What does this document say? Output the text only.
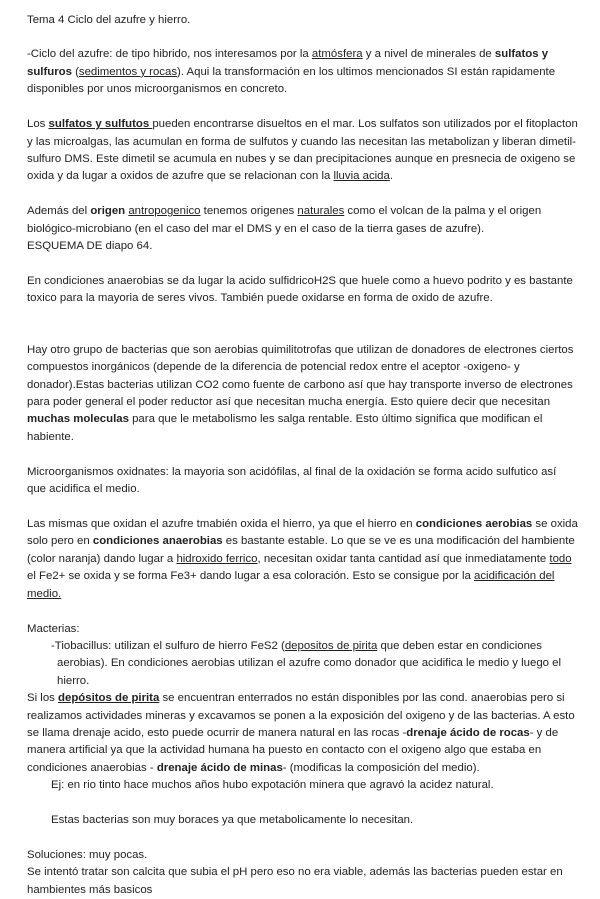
Tema 4 Ciclo del azufre y hierro.

-Ciclo del azufre: de tipo hibrido, nos interesamos por la atmósfera y a nivel de minerales de sulfatos y sulfuros (sedimentos y rocas). Aqui la transformación en los ultimos mencionados SI están rapidamente disponibles por unos microorganismos en concreto.

Los sulfatos y sulfutos pueden encontrarse disueltos en el mar. Los sulfatos son utilizados por el fitoplacton y las microalgas, las acumulan en forma de sulfutos y cuando las necesitan las metabolizan y liberan dimetil-sulfuro DMS. Este dimetil se acumula en nubes y se dan precipitaciones aunque en presnecia de oxigeno se oxida y da lugar a oxidos de azufre que se relacionan con la lluvia acida.

Además del origen antropogenico tenemos origenes naturales como el volcan de la palma y el origen biológico-microbiano (en el caso del mar el DMS y en el caso de la tierra gases de azufre).
ESQUEMA DE diapo 64.

En condiciones anaerobias se da lugar la acido sulfidricoH2S que huele como a huevo podrito y es bastante toxico para la mayoria de seres vivos. También puede oxidarse en forma de oxido de azufre.

Hay otro grupo de bacterias que son aerobias quimilitotrofas que utilizan de donadores de electrones ciertos compuestos inorgánicos (depende de la diferencia de potencial redox entre el aceptor -oxigeno- y donador).Estas bacterias utilizan CO2 como fuente de carbono así que hay transporte inverso de electrones para poder general el poder reductor así que necesitan mucha energía. Esto quiere decir que necesitan muchas moleculas para que le metabolismo les salga rentable. Esto último significa que modifican el habiente.

Microorganismos oxidnates: la mayoria son acidófilas, al final de la oxidación se forma acido sulfutico así que acidifica el medio.

Las mismas que oxidan el azufre tmabién oxida el hierro, ya que el hierro en condiciones aerobias se oxida solo pero en condiciones anaerobias es bastante estable. Lo que se ve es una modificación del hambiente (color naranja) dando lugar a hidroxido ferrico, necesitan oxidar tanta cantidad así que inmediatamente todo el Fe2+ se oxida y se forma Fe3+ dando lugar a esa coloración. Esto se consigue por la acidificación del medio.

Macterias:

-Tiobacillus: utilizan el sulfuro de hierro FeS2 (depositos de pirita que deben estar en condiciones aerobias). En condiciones aerobias utilizan el azufre como donador que acidifica le medio y luego el hierro.

Si los depósitos de pirita se encuentran enterrados no están disponibles por las cond. anaerobias pero si realizamos actividades mineras y excavamos se ponen a la exposición del oxigeno y de las bacterias. A esto se llama drenaje acido, esto puede ocurrir de manera natural en las rocas -drenaje ácido de rocas- y de manera artificial ya que la actividad humana ha puesto en contacto con el oxigeno algo que estaba en condiciones anaerobias - drenaje ácido de minas- (modificas la composición del medio).

Ej: en rio tinto hace muchos años hubo expotación minera que agravó la acidez natural.

Estas bacterias son muy boraces ya que metabolicamente lo necesitan.

Soluciones: muy pocas.

Se intentó tratar son calcita que subia el pH pero eso no era viable, además las bacterias pueden estar en hambientes más basicos
